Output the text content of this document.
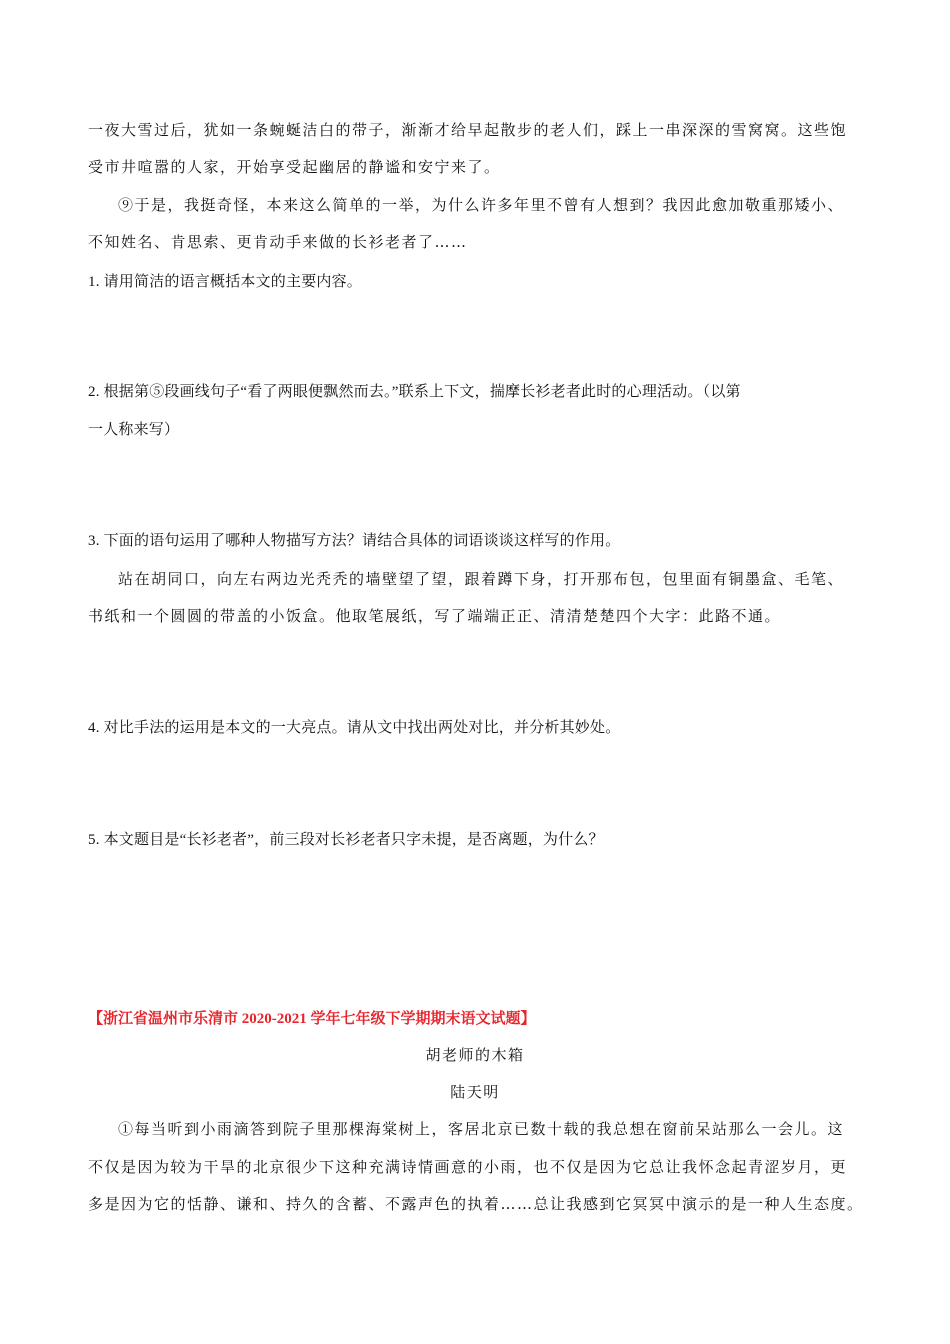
一夜大雪过后，犹如一条蜿蜒洁白的带子，渐渐才给早起散步的老人们，踩上一串深深的雪窝窝。这些饱
受市井喧嚣的人家，开始享受起幽居的静谧和安宁来了。
⑨于是，我挺奇怪，本来这么简单的一举，为什么许多年里不曾有人想到？我因此愈加敬重那矮小、
不知姓名、肯思索、更肯动手来做的长衫老者了……
1. 请用简洁的语言概括本文的主要内容。
2. 根据第⑤段画线句子“看了两眼便飘然而去。”联系上下文，揣摩长衫老者此时的心理活动。（以第
一人称来写）
3. 下面的语句运用了哪种人物描写方法？请结合具体的词语谈谈这样写的作用。
站在胡同口，向左右两边光秃秃的墙壁望了望，跟着蹲下身，打开那布包，包里面有铜墨盒、毛笔、
书纸和一个圆圆的带盖的小饭盒。他取笔展纸，写了端端正正、清清楚楚四个大字：此路不通。
4. 对比手法的运用是本文的一大亮点。请从文中找出两处对比，并分析其妙处。
5. 本文题目是“长衫老者”，前三段对长衫老者只字未提，是否离题，为什么？
【浙江省温州市乐清市 2020-2021 学年七年级下学期期末语文试题】
胡老师的木箱
陆天明
①每当听到小雨滴答到院子里那棵海棠树上，客居北京已数十载的我总想在窗前呆站那么一会儿。这
不仅是因为较为干旱的北京很少下这种充满诗情画意的小雨，也不仅是因为它总让我怀念起青涩岁月，更
多是因为它的恬静、谦和、持久的含蓄、不露声色的执着……总让我感到它冥冥中演示的是一种人生态度。
